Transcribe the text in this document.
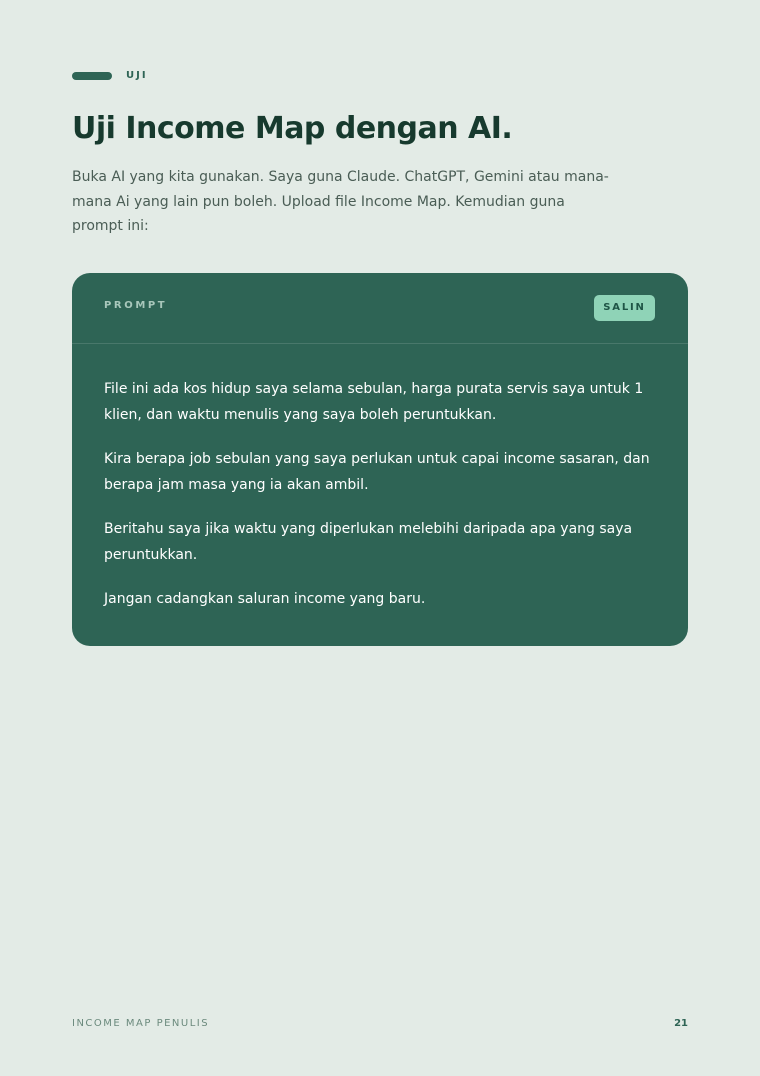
UJI
Uji Income Map dengan AI.

Buka AI yang kita gunakan. Saya guna Claude. ChatGPT, Gemini atau mana-mana Ai yang lain pun boleh. Upload file Income Map. Kemudian guna prompt ini:

PROMPT	SALIN

File ini ada kos hidup saya selama sebulan, harga purata servis saya untuk 1 klien, dan waktu menulis yang saya boleh peruntukkan.

Kira berapa job sebulan yang saya perlukan untuk capai income sasaran, dan berapa jam masa yang ia akan ambil.

Beritahu saya jika waktu yang diperlukan melebihi daripada apa yang saya peruntukkan.

Jangan cadangkan saluran income yang baru.

INCOME MAP PENULIS	21
